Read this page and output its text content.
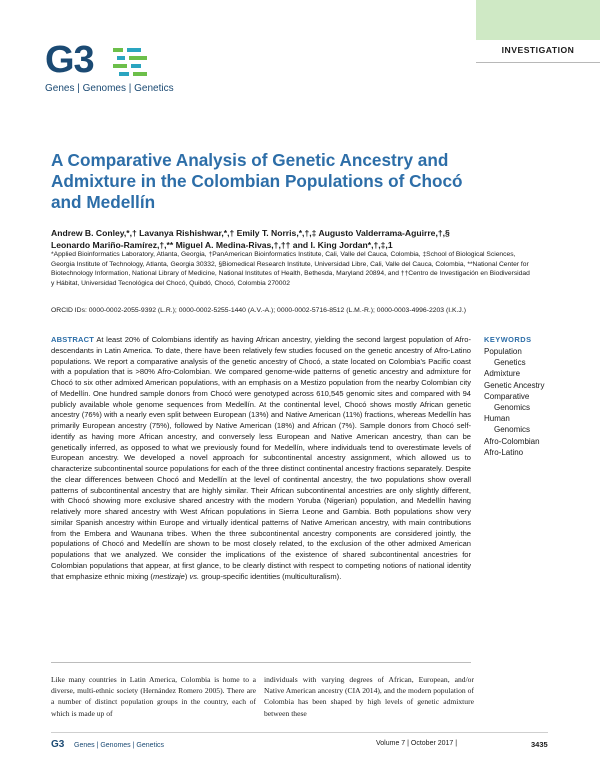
INVESTIGATION
G3
Genes | Genomes | Genetics
A Comparative Analysis of Genetic Ancestry and Admixture in the Colombian Populations of Chocó and Medellín
Andrew B. Conley,*,† Lavanya Rishishwar,*,† Emily T. Norris,*,†,‡ Augusto Valderrama-Aguirre,†,§
Leonardo Mariño-Ramírez,†,** Miguel A. Medina-Rivas,†,†† and I. King Jordan*,†,‡,1
*Applied Bioinformatics Laboratory, Atlanta, Georgia, †PanAmerican Bioinformatics Institute, Cali, Valle del Cauca, Colombia, ‡School of Biological Sciences, Georgia Institute of Technology, Atlanta, Georgia 30332, §Biomedical Research Institute, Universidad Libre, Cali, Valle del Cauca, Colombia, **National Center for Biotechnology Information, National Library of Medicine, National Institutes of Health, Bethesda, Maryland 20894, and ††Centro de Investigación en Biodiversidad y Hábitat, Universidad Tecnológica del Chocó, Quibdó, Chocó, Colombia 270002
ORCID IDs: 0000-0002-2055-9392 (L.R.); 0000-0002-5255-1440 (A.V.-A.); 0000-0002-5716-8512 (L.M.-R.); 0000-0003-4996-2203 (I.K.J.)
ABSTRACT At least 20% of Colombians identify as having African ancestry, yielding the second largest population of Afro-descendants in Latin America. To date, there have been relatively few studies focused on the genetic ancestry of Afro-Latino populations. We report a comparative analysis of the genetic ancestry of Chocó, a state located on Colombia's Pacific coast with a population that is >80% Afro-Colombian. We compared genome-wide patterns of genetic ancestry and admixture for Chocó to six other admixed American populations, with an emphasis on a Mestizo population from the nearby Colombian city of Medellín. One hundred sample donors from Chocó were genotyped across 610,545 genomic sites and compared with 94 publicly available whole genome sequences from Medellín. At the continental level, Chocó shows mostly African genetic ancestry (76%) with a nearly even split between European (13%) and Native American (11%) fractions, whereas Medellín has primarily European ancestry (75%), followed by Native American (18%) and African (7%). Sample donors from Chocó self-identify as having more African ancestry, and conversely less European and Native American ancestry, than can be genetically inferred, as opposed to what we previously found for Medellín, where individuals tend to overestimate levels of European ancestry. We developed a novel approach for subcontinental ancestry assignment, which allowed us to characterize subcontinental source populations for each of the three distinct continental ancestry fractions separately. Despite the clear differences between Chocó and Medellín at the level of continental ancestry, the two populations show overall patterns of subcontinental ancestry that are highly similar. Their African subcontinental ancestries are only slightly different, with Chocó showing more exclusive shared ancestry with the modern Yoruba (Nigerian) population, and Medellín having relatively more shared ancestry with West African populations in Sierra Leone and Gambia. Both populations show very similar Spanish ancestry within Europe and virtually identical patterns of Native American ancestry, with main contributions from the Embera and Waunana tribes. When the three subcontinental ancestry components are considered jointly, the populations of Chocó and Medellín are shown to be most closely related, to the exclusion of the other admixed American populations that we analyzed. We consider the implications of the existence of shared subcontinental ancestries for Colombian populations that appear, at first glance, to be clearly distinct with respect to competing notions of national identity that emphasize ethnic mixing (mestizaje) vs. group-specific identities (multiculturalism).
KEYWORDS
Population
Genetics
Admixture
Genetic Ancestry
Comparative
Genomics
Human
Genomics
Afro-Colombian
Afro-Latino
Like many countries in Latin America, Colombia is home to a diverse, multi-ethnic society (Hernández Romero 2005). There are a number of distinct population groups in the country, each of which is made up of
individuals with varying degrees of African, European, and/or Native American ancestry (CIA 2014), and the modern population of Colombia has been shaped by high levels of genetic admixture between these
G3 Genes | Genomes | Genetics	Volume 7 | October 2017 |	3435
